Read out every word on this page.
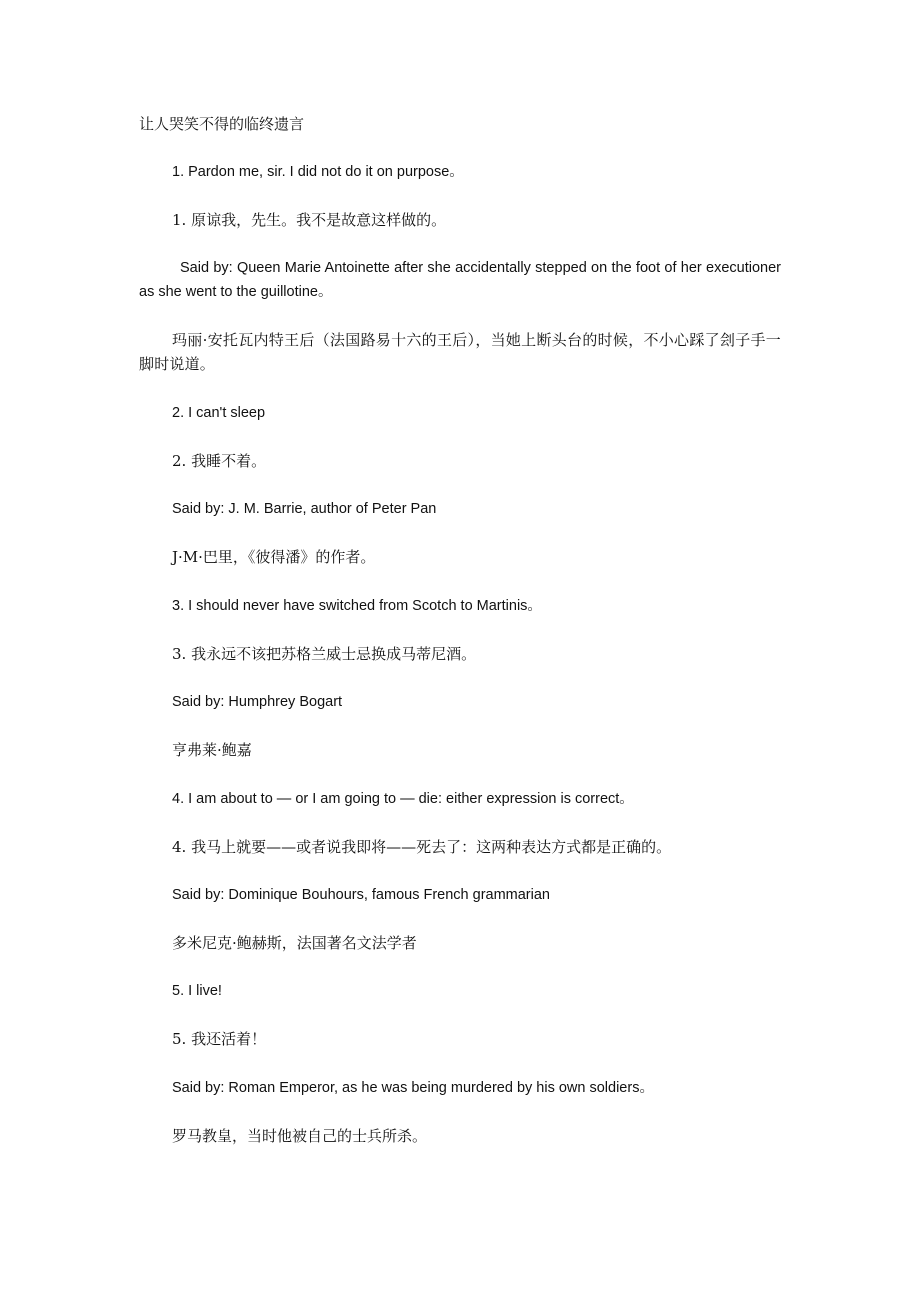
让人哭笑不得的临终遗言
1. Pardon me, sir. I did not do it on purpose。
1. 原谅我，先生。我不是故意这样做的。
Said by: Queen Marie Antoinette after she accidentally stepped on the foot of her executioner as she went to the guillotine。
玛丽·安托瓦内特王后（法国路易十六的王后），当她上断头台的时候，不小心踩了刽子手一脚时说道。
2. I can't sleep
2. 我睡不着。
Said by: J. M. Barrie, author of Peter Pan
J·M·巴里，《彼得潘》的作者。
3. I should never have switched from Scotch to Martinis。
3. 我永远不该把苏格兰威士忌换成马蒂尼酒。
Said by: Humphrey Bogart
亨弗莱·鲍嘉
4. I am about to — or I am going to — die: either expression is correct。
4. 我马上就要——或者说我即将——死去了：这两种表达方式都是正确的。
Said by: Dominique Bouhours, famous French grammarian
多米尼克·鲍赫斯，法国著名文法学者
5. I live!
5. 我还活着！
Said by: Roman Emperor, as he was being murdered by his own soldiers。
罗马教皇，当时他被自己的士兵所杀。
